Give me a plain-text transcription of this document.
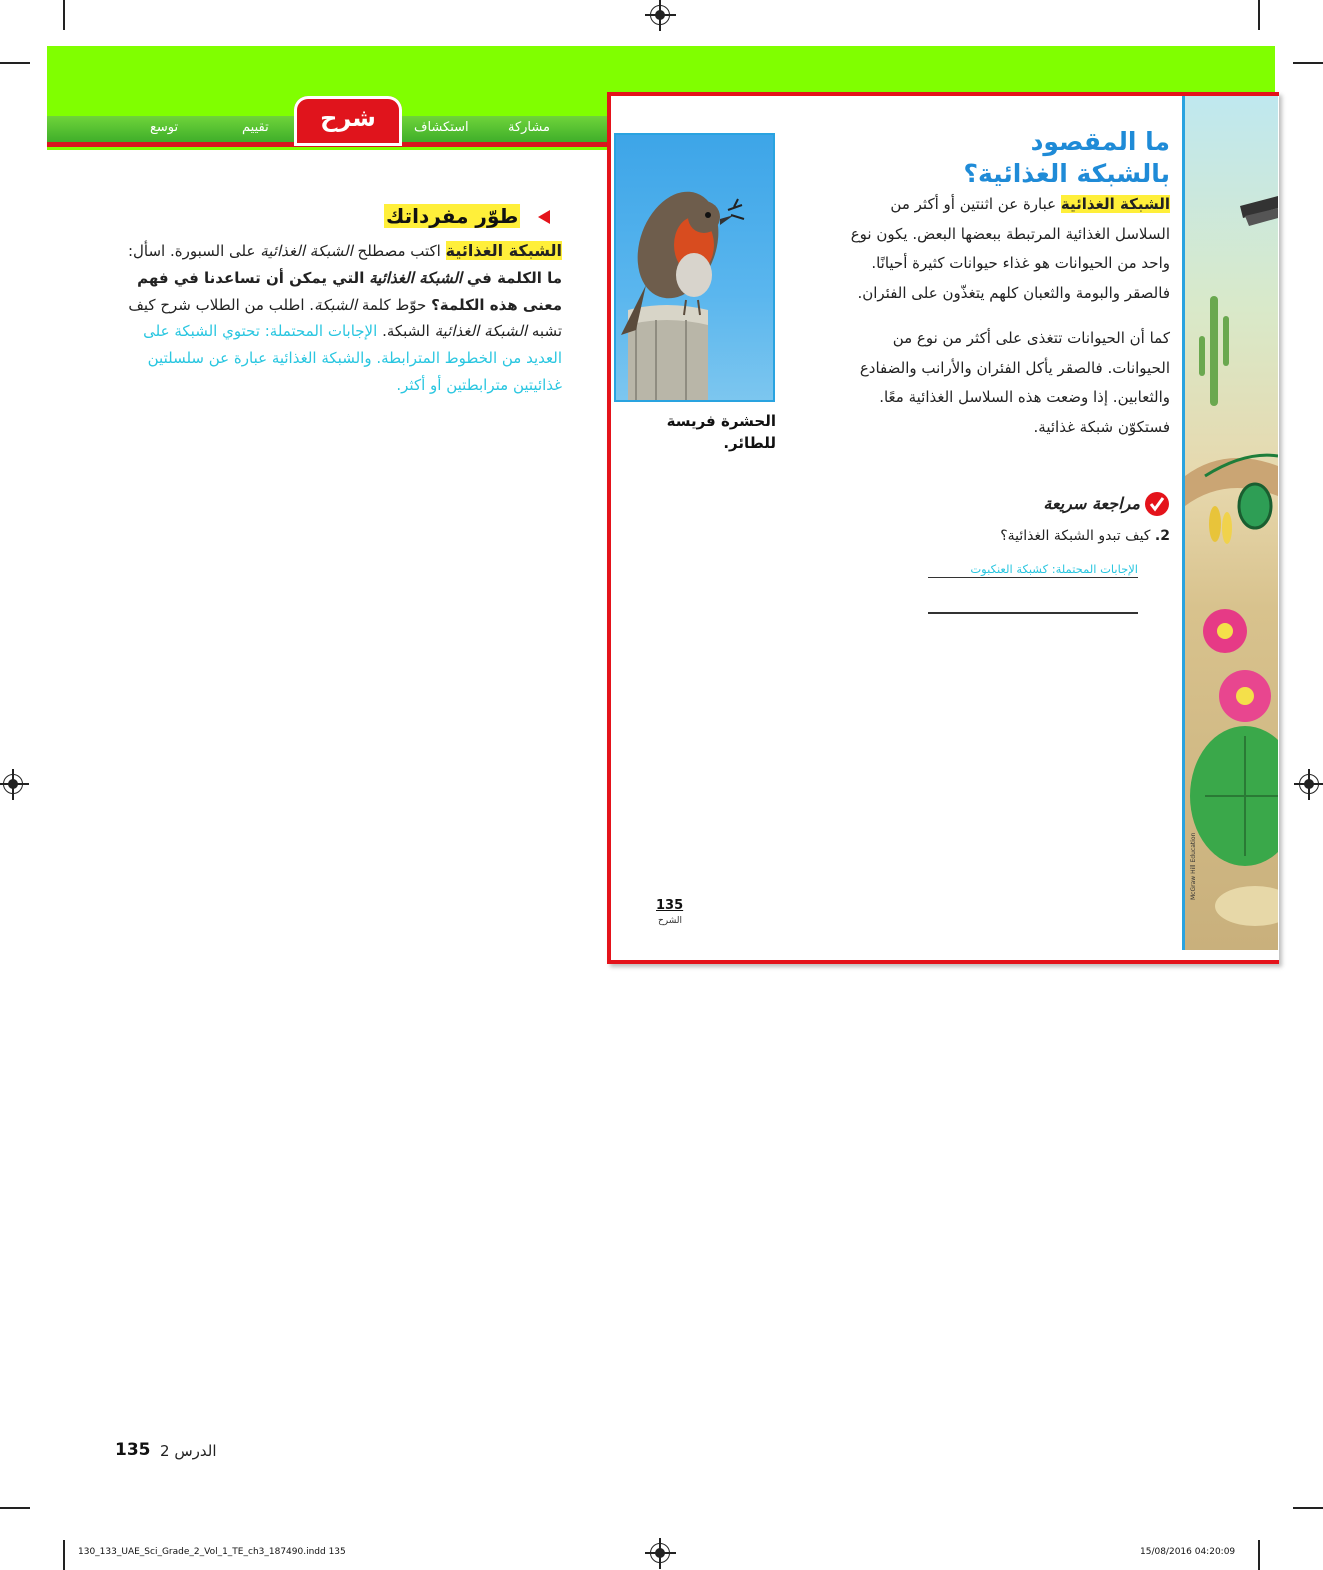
مشاركة
استكشاف
شرح
تقييم
توسع
McGraw Hill Education
ما المقصود بالشبكة الغذائية؟
الشبكة الغذائية عبارة عن اثنتين أو أكثر من السلاسل الغذائية المرتبطة ببعضها البعض. يكون نوع واحد من الحيوانات هو غذاء حيوانات كثيرة أحيانًا. فالصقر والبومة والثعبان كلهم يتغذّون على الفئران.
كما أن الحيوانات تتغذى على أكثر من نوع من الحيوانات. فالصقر يأكل الفئران والأرانب والضفادع والثعابين. إذا وضعت هذه السلاسل الغذائية معًا. فستكوّن شبكة غذائية.
الحشرة فريسة للطائر.
مراجعة سريعة
2. كيف تبدو الشبكة الغذائية؟
الإجابات المحتملة: كشبكة العنكبوت
135
الشرح
طوّر مفرداتك
الشبكة الغذائية اكتب مصطلح الشبكة الغذائية على السبورة. اسأل: ما الكلمة في الشبكة الغذائية التي يمكن أن تساعدنا في فهم معنى هذه الكلمة؟ حوّط كلمة الشبكة. اطلب من الطلاب شرح كيف تشبه الشبكة الغذائية الشبكة. الإجابات المحتملة: تحتوي الشبكة على العديد من الخطوط المترابطة. والشبكة الغذائية عبارة عن سلسلتين غذائيتين مترابطتين أو أكثر.
135 الدرس 2
130_133_UAE_Sci_Grade_2_Vol_1_TE_ch3_187490.indd 135	15/08/2016 04:20:09
